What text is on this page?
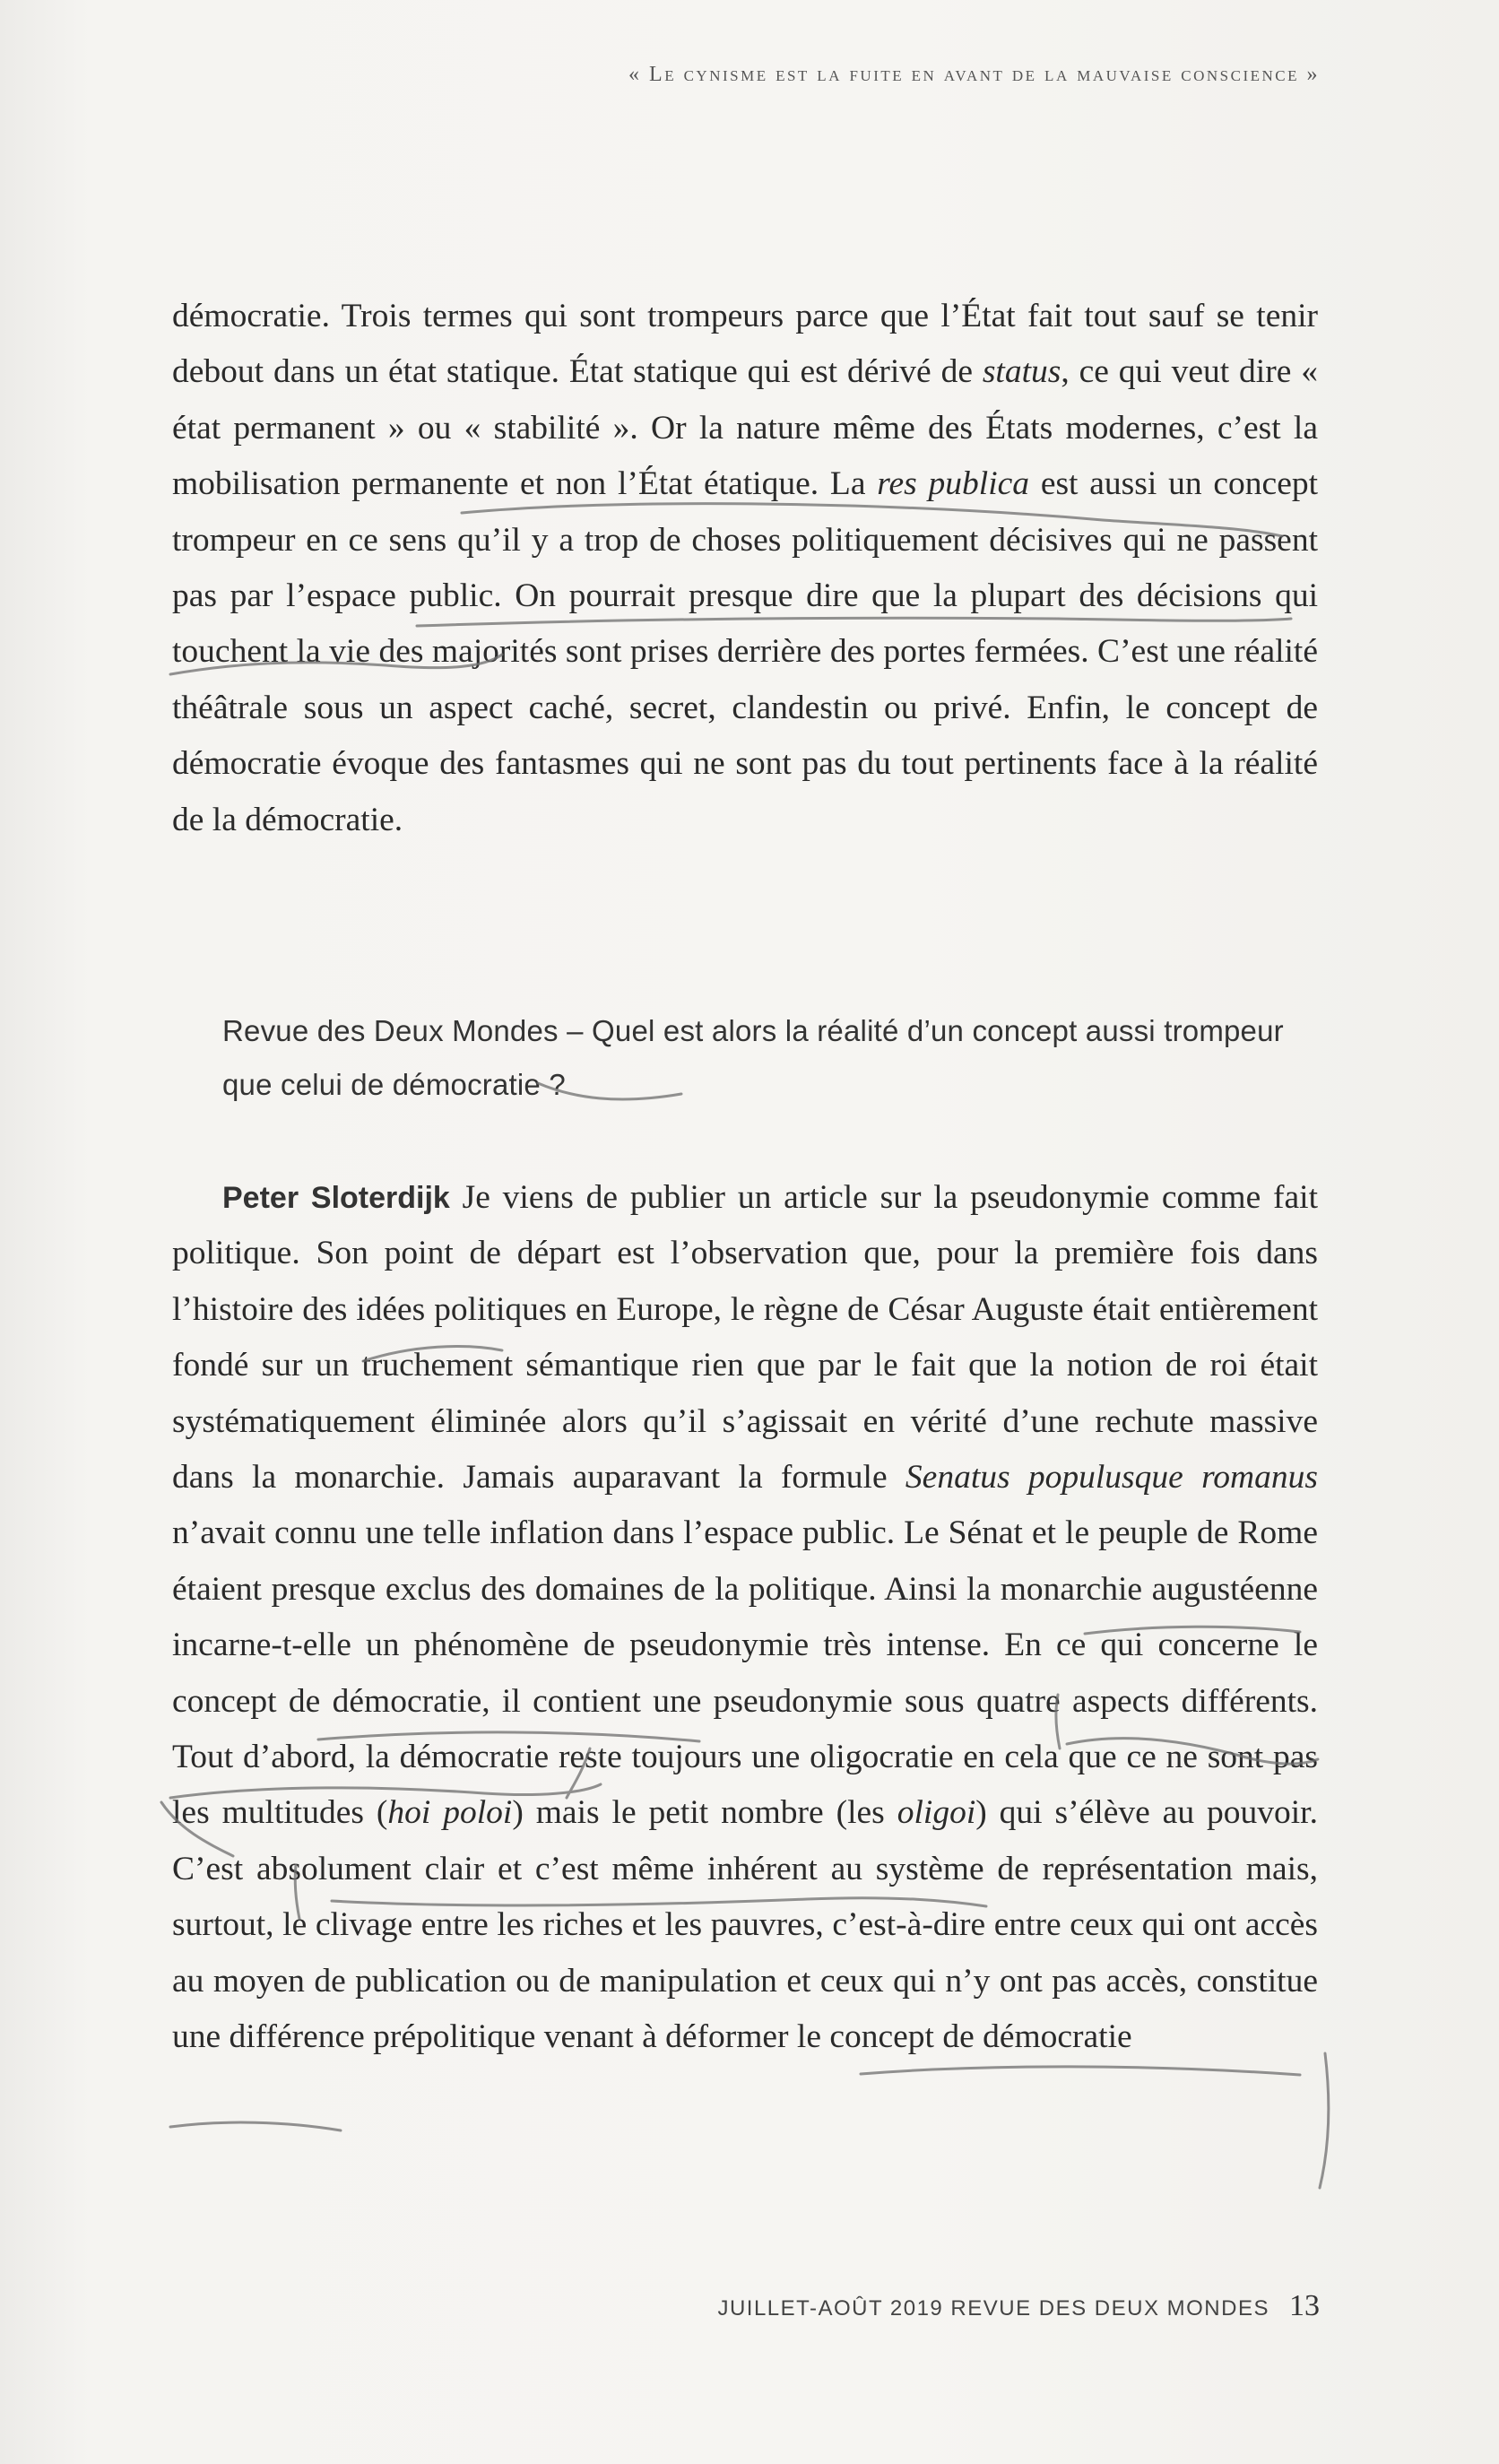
« Le cynisme est la fuite en avant de la mauvaise conscience »

démocratie. Trois termes qui sont trompeurs parce que l’État fait tout sauf se tenir debout dans un état statique. État statique qui est dérivé de status, ce qui veut dire « état permanent » ou « stabilité ». Or la nature même des États modernes, c’est la mobilisation permanente et non l’État étatique. La res publica est aussi un concept trompeur en ce sens qu’il y a trop de choses politiquement décisives qui ne passent pas par l’espace public. On pourrait presque dire que la plupart des décisions qui touchent la vie des majorités sont prises derrière des portes fermées. C’est une réalité théâtrale sous un aspect caché, secret, clandestin ou privé. Enfin, le concept de démocratie évoque des fantasmes qui ne sont pas du tout pertinents face à la réalité de la démocratie.

Revue des Deux Mondes – Quel est alors la réalité d’un concept aussi trompeur que celui de démocratie ?

Peter Sloterdijk Je viens de publier un article sur la pseudonymie comme fait politique. Son point de départ est l’observation que, pour la première fois dans l’histoire des idées politiques en Europe, le règne de César Auguste était entièrement fondé sur un truchement sémantique rien que par le fait que la notion de roi était systématiquement éliminée alors qu’il s’agissait en vérité d’une rechute massive dans la monarchie. Jamais auparavant la formule Senatus populusque romanus n’avait connu une telle inflation dans l’espace public. Le Sénat et le peuple de Rome étaient presque exclus des domaines de la politique. Ainsi la monarchie augustéenne incarne-t-elle un phénomène de pseudonymie très intense. En ce qui concerne le concept de démocratie, il contient une pseudonymie sous quatre aspects différents. Tout d’abord, la démocratie reste toujours une oligocratie en cela que ce ne sont pas les multitudes (hoi poloi) mais le petit nombre (les oligoi) qui s’élève au pouvoir. C’est absolument clair et c’est même inhérent au système de représentation mais, surtout, le clivage entre les riches et les pauvres, c’est-à-dire entre ceux qui ont accès au moyen de publication ou de manipulation et ceux qui n’y ont pas accès, constitue une différence prépolitique venant à déformer le concept de démocratie

JUILLET-AOÛT 2019 REVUE DES DEUX MONDES 13
